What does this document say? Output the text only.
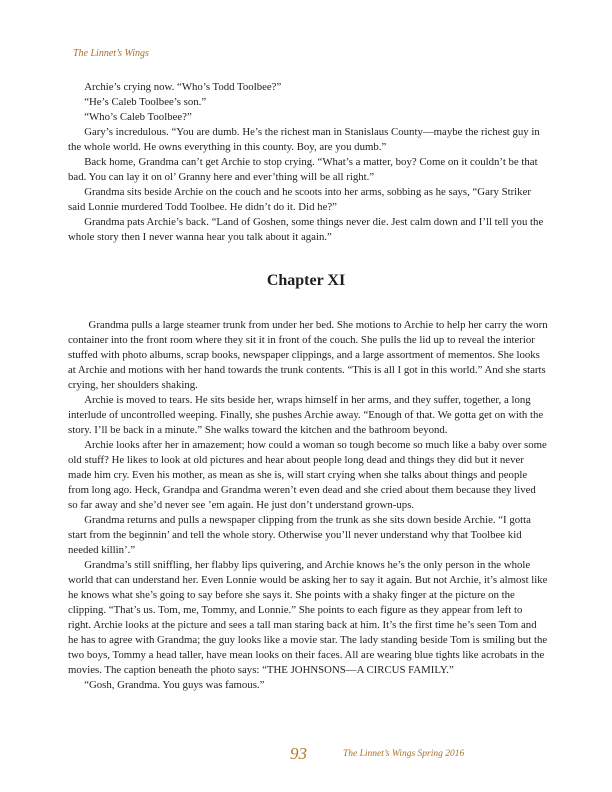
The Linnet’s Wings

Archie’s crying now. “Who’s Todd Toolbee?”

“He’s Caleb Toolbee’s son.”

“Who’s Caleb Toolbee?”

Gary’s incredulous. “You are dumb. He’s the richest man in Stanislaus County—maybe the richest guy in the whole world. He owns everything in this county. Boy, are you dumb.”

Back home, Grandma can’t get Archie to stop crying. “What’s a matter, boy? Come on it couldn’t be that bad. You can lay it on ol’ Granny here and ever’thing will be all right.”

Grandma sits beside Archie on the couch and he scoots into her arms, sobbing as he says, “Gary Striker said Lonnie murdered Todd Toolbee. He didn’t do it. Did he?”

Grandma pats Archie’s back. “Land of Goshen, some things never die. Jest calm down and I’ll tell you the whole story then I never wanna hear you talk about it again.”

Chapter XI

Grandma pulls a large steamer trunk from under her bed. She motions to Archie to help her carry the worn container into the front room where they sit it in front of the couch. She pulls the lid up to reveal the interior stuffed with photo albums, scrap books, newspaper clippings, and a large assortment of mementos. She looks at Archie and motions with her hand towards the trunk contents. “This is all I got in this world.” And she starts crying, her shoulders shaking.

Archie is moved to tears. He sits beside her, wraps himself in her arms, and they suffer, together, a long interlude of uncontrolled weeping. Finally, she pushes Archie away. “Enough of that. We gotta get on with the story. I’ll be back in a minute.” She walks toward the kitchen and the bathroom beyond.

Archie looks after her in amazement; how could a woman so tough become so much like a baby over some old stuff? He likes to look at old pictures and hear about people long dead and things they did but it never made him cry. Even his mother, as mean as she is, will start crying when she talks about things and people from long ago. Heck, Grandpa and Grandma weren’t even dead and she cried about them because they lived so far away and she’d never see ’em again. He just don’t understand grown-ups.

Grandma returns and pulls a newspaper clipping from the trunk as she sits down beside Archie. “I gotta start from the beginnin’ and tell the whole story. Otherwise you’ll never understand why that Toolbee kid needed killin’.”

Grandma’s still sniffling, her flabby lips quivering, and Archie knows he’s the only person in the whole world that can understand her. Even Lonnie would be asking her to say it again. But not Archie, it’s almost like he knows what she’s going to say before she says it. She points with a shaky finger at the picture on the clipping. “That’s us. Tom, me, Tommy, and Lonnie.” She points to each figure as they appear from left to right. Archie looks at the picture and sees a tall man staring back at him. It’s the first time he’s seen Tom and he has to agree with Grandma; the guy looks like a movie star. The lady standing beside Tom is smiling but the two boys, Tommy a head taller, have mean looks on their faces. All are wearing blue tights like acrobats in the movies. The caption beneath the photo says: “THE JOHNSONS—A CIRCUS FAMILY.”

“Gosh, Grandma. You guys was famous.”

93	The Linnet’s Wings Spring 2016
